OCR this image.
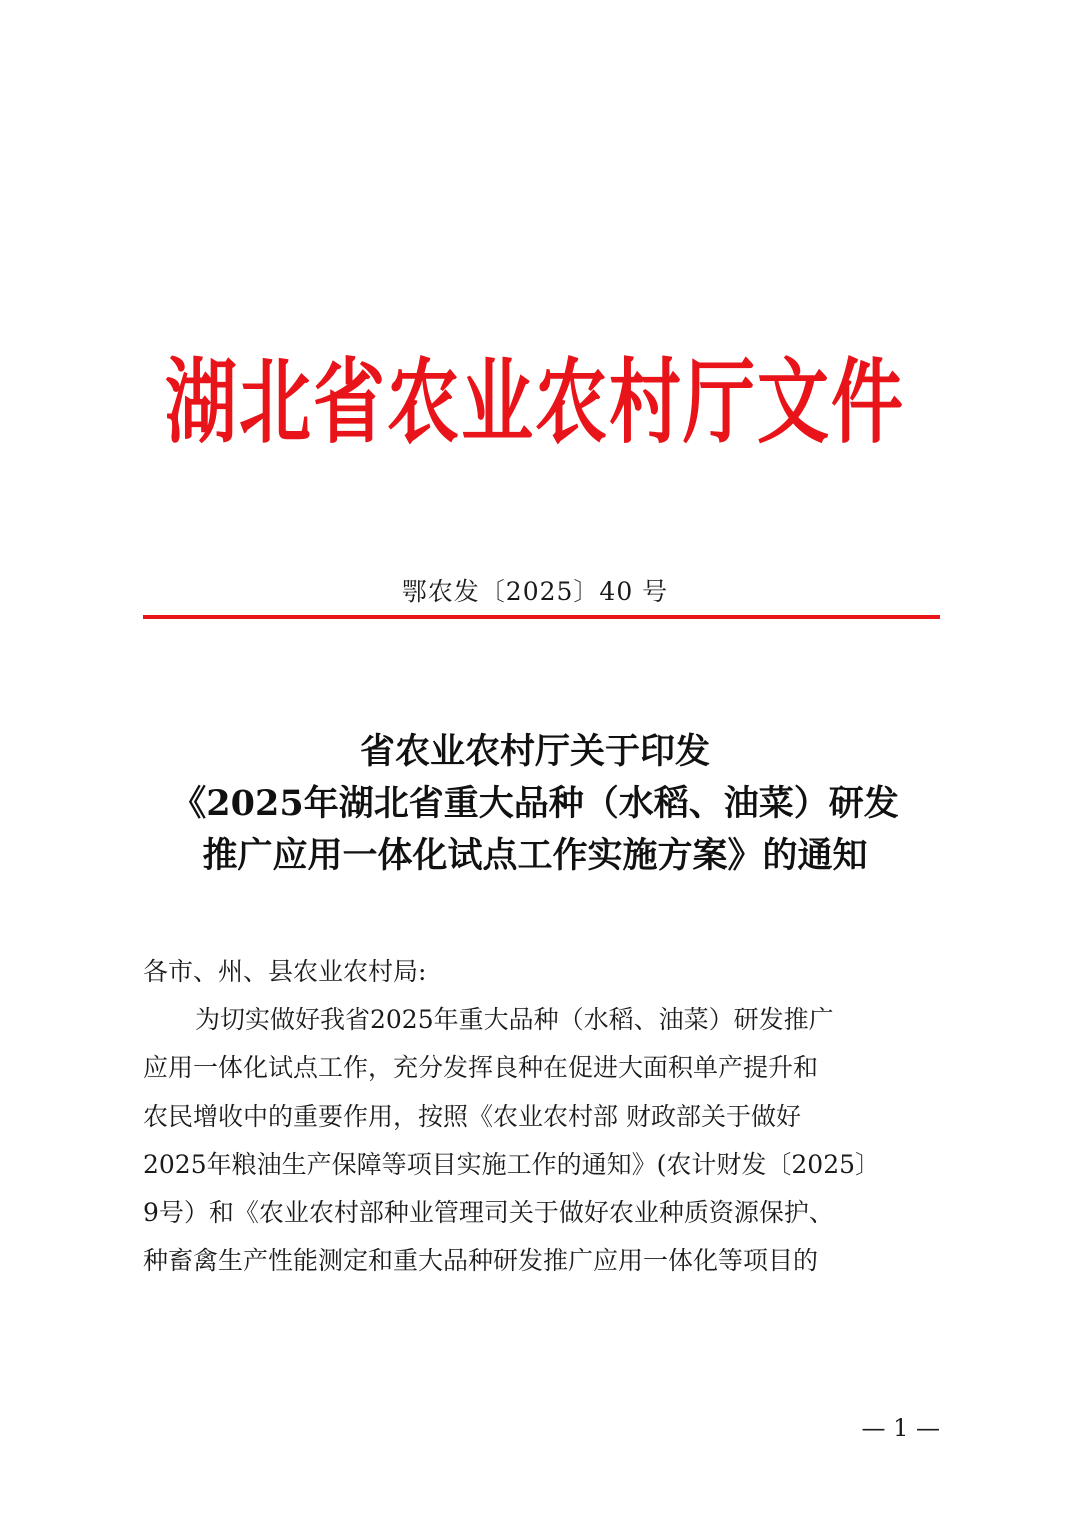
湖北省农业农村厅文件
鄂农发〔2025〕40 号
省农业农村厅关于印发
《2025年湖北省重大品种（水稻、油菜）研发
推广应用一体化试点工作实施方案》的通知
各市、州、县农业农村局:
为切实做好我省2025年重大品种（水稻、油菜）研发推广
应用一体化试点工作，充分发挥良种在促进大面积单产提升和
农民增收中的重要作用，按照《农业农村部 财政部关于做好
2025年粮油生产保障等项目实施工作的通知》(农计财发〔2025〕
9号）和《农业农村部种业管理司关于做好农业种质资源保护、
种畜禽生产性能测定和重大品种研发推广应用一体化等项目的
— 1 —
